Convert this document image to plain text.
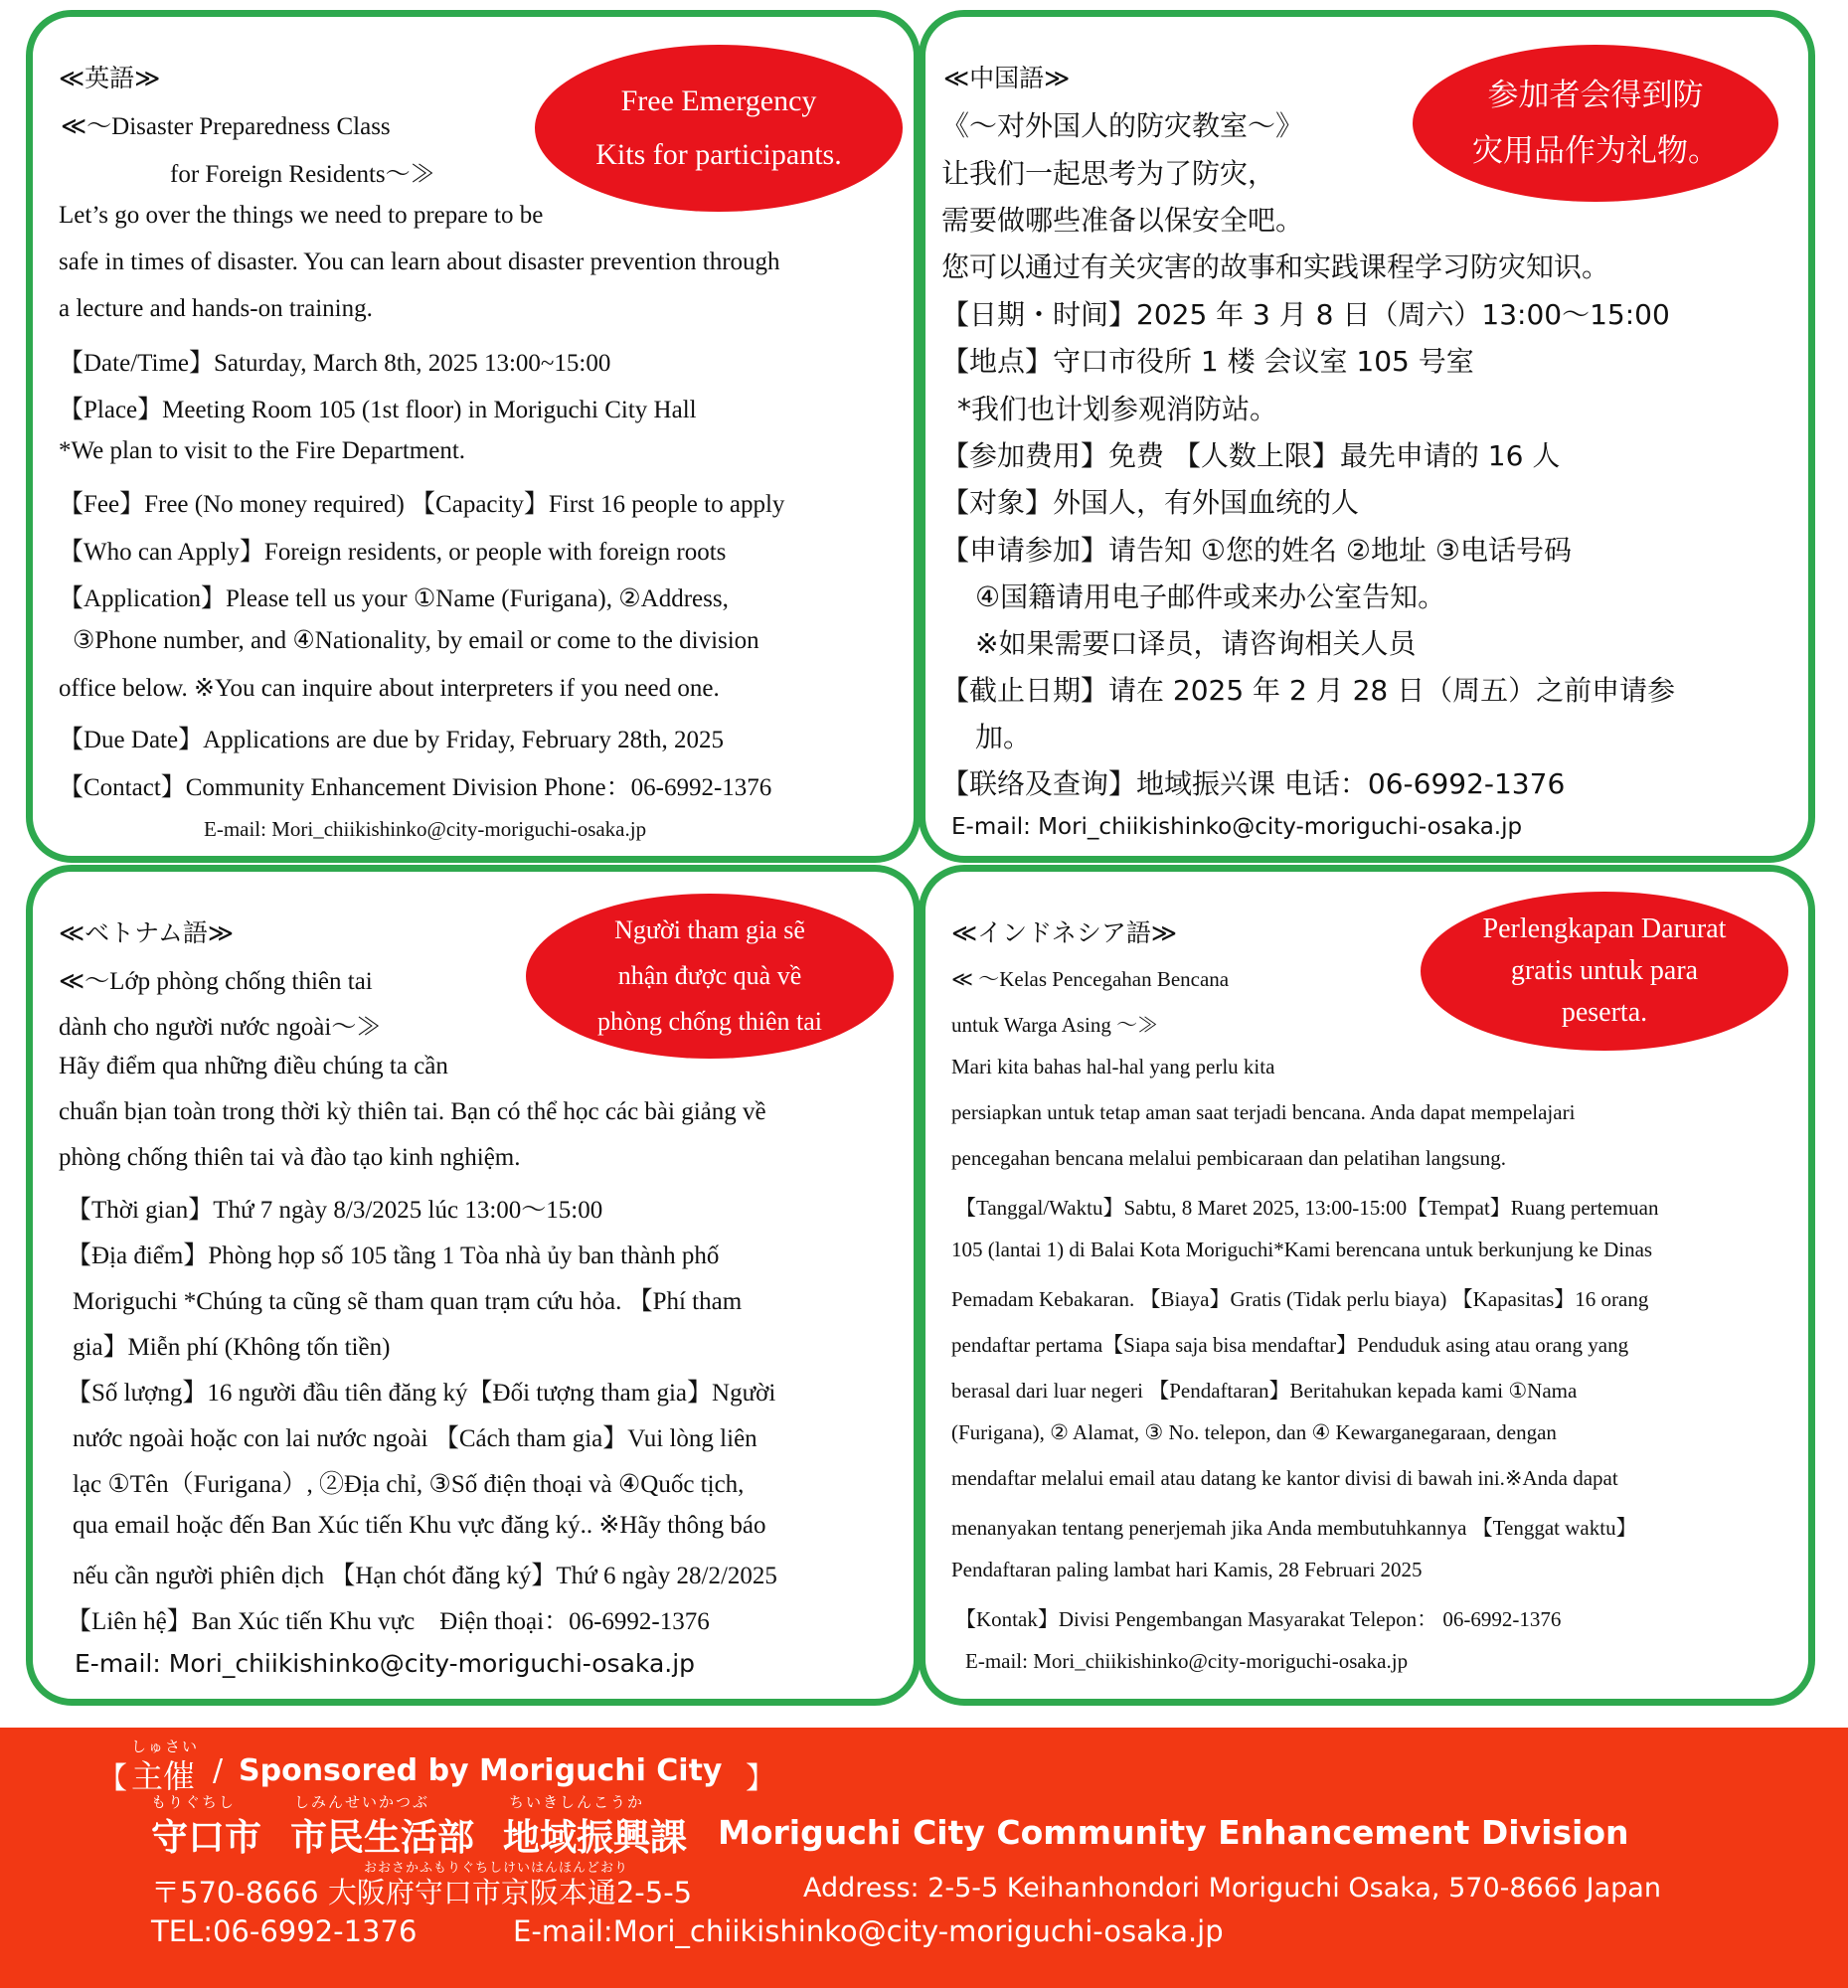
≪英語≫
≪～Disaster Preparedness Class
for Foreign Residents～≫
Let’s go over the things we need to prepare to be
safe in times of disaster. You can learn about disaster prevention through
a lecture and hands-on training.
【Date/Time】Saturday, March 8th, 2025 13:00~15:00
【Place】Meeting Room 105 (1st floor) in Moriguchi City Hall
*We plan to visit to the Fire Department.
【Fee】Free (No money required) 【Capacity】First 16 people to apply
【Who can Apply】Foreign residents, or people with foreign roots
【Application】Please tell us your ①Name (Furigana), ②Address,
③Phone number, and ④Nationality, by email or come to the division
office below. ※You can inquire about interpreters if you need one.
【Due Date】Applications are due by Friday, February 28th, 2025
【Contact】Community Enhancement Division Phone：06-6992-1376
E-mail: Mori_chiikishinko@city-moriguchi-osaka.jp
Free Emergency
Kits for participants.
≪中国語≫
《～对外国人的防灾教室～》
让我们一起思考为了防灾，
需要做哪些准备以保安全吧。
您可以通过有关灾害的故事和实践课程学习防灾知识。
【日期・时间】2025 年 3 月 8 日（周六）13:00～15:00
【地点】守口市役所 1 楼 会议室 105 号室
*我们也计划参观消防站。
【参加费用】免费 【人数上限】最先申请的 16 人
【对象】外国人，有外国血统的人
【申请参加】请告知 ①您的姓名 ②地址 ③电话号码
④国籍请用电子邮件或来办公室告知。
※如果需要口译员，请咨询相关人员
【截止日期】请在 2025 年 2 月 28 日（周五）之前申请参
加。
【联络及查询】地域振兴课 电话：06-6992-1376
E-mail: Mori_chiikishinko@city-moriguchi-osaka.jp
参加者会得到防
灾用品作为礼物。
≪ベトナム語≫
≪～Lớp phòng chống thiên tai
dành cho người nước ngoài～≫
Hãy điểm qua những điều chúng ta cần
chuẩn bịan toàn trong thời kỳ thiên tai. Bạn có thể học các bài giảng về
phòng chống thiên tai và đào tạo kinh nghiệm.
【Thời gian】Thứ 7 ngày 8/3/2025 lúc 13:00～15:00
【Địa điểm】Phòng họp số 105 tầng 1 Tòa nhà ủy ban thành phố
Moriguchi *Chúng ta cũng sẽ tham quan trạm cứu hỏa. 【Phí tham
gia】Miễn phí (Không tốn tiền)
【Số lượng】16 người đầu tiên đăng ký【Đối tượng tham gia】Người
nước ngoài hoặc con lai nước ngoài 【Cách tham gia】Vui lòng liên
lạc ①Tên（Furigana）, ②Địa chỉ, ③Số điện thoại và ④Quốc tịch,
qua email hoặc đến Ban Xúc tiến Khu vực đăng ký.. ※Hãy thông báo
nếu cần người phiên dịch 【Hạn chót đăng ký】Thứ 6 ngày 28/2/2025
【Liên hệ】Ban Xúc tiến Khu vực　Điện thoại：06-6992-1376
E-mail: Mori_chiikishinko@city-moriguchi-osaka.jp
Người tham gia sẽ
nhận được quà về
phòng chống thiên tai
≪インドネシア語≫
≪ ～Kelas Pencegahan Bencana
untuk Warga Asing ～≫
Mari kita bahas hal-hal yang perlu kita
persiapkan untuk tetap aman saat terjadi bencana. Anda dapat mempelajari
pencegahan bencana melalui pembicaraan dan pelatihan langsung.
【Tanggal/Waktu】Sabtu, 8 Maret 2025, 13:00-15:00【Tempat】Ruang pertemuan
105 (lantai 1) di Balai Kota Moriguchi*Kami berencana untuk berkunjung ke Dinas
Pemadam Kebakaran. 【Biaya】Gratis (Tidak perlu biaya) 【Kapasitas】16 orang
pendaftar pertama【Siapa saja bisa mendaftar】Penduduk asing atau orang yang
berasal dari luar negeri 【Pendaftaran】Beritahukan kepada kami ①Nama
(Furigana), ② Alamat, ③ No. telepon, dan ④ Kewarganegaraan, dengan
mendaftar melalui email atau datang ke kantor divisi di bawah ini.※Anda dapat
menanyakan tentang penerjemah jika Anda membutuhkannya 【Tenggat waktu】
Pendaftaran paling lambat hari Kamis, 28 Februari 2025
【Kontak】Divisi Pengembangan Masyarakat Telepon： 06-6992-1376
E-mail: Mori_chiikishinko@city-moriguchi-osaka.jp
Perlengkapan Darurat
gratis untuk para
peserta.
【
しゅさい
主催 / Sponsored by Moriguchi City 】
もりぐちし
守口市
しみんせいかつぶ
市民生活部
ちいきしんこうか
地域振興課 Moriguchi City Community Enhancement Division
おおさかふもりぐちしけいはんほんどおり
〒570-8666 大阪府守口市京阪本通2-5-5	Address: 2-5-5 Keihanhondori Moriguchi Osaka, 570-8666 Japan
TEL:06-6992-1376	E-mail:Mori_chiikishinko@city-moriguchi-osaka.jp
